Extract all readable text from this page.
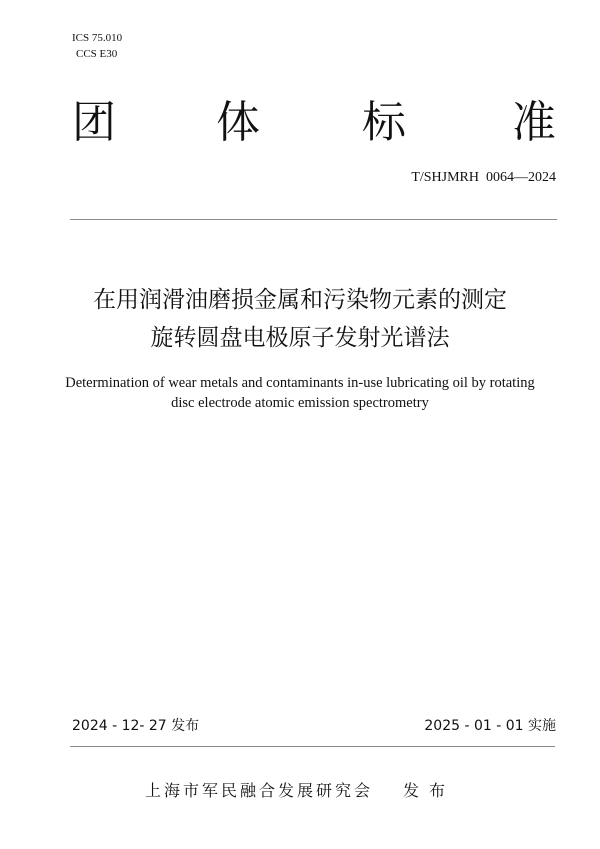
ICS 75.010
CCS E30
团 体 标 准
T/SHJMRH  0064—2024
在用润滑油磨损金属和污染物元素的测定
旋转圆盘电极原子发射光谱法
Determination of wear metals and contaminants in-use lubricating oil by rotating
disc electrode atomic emission spectrometry
2024 - 12- 27 发布	2025 - 01 - 01 实施
上海市军民融合发展研究会 发布
